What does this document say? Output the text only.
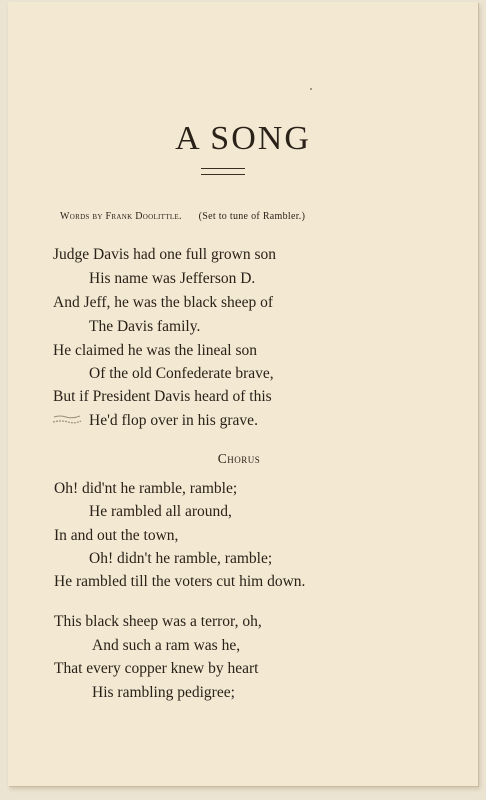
A SONG
Words by Frank Doolittle. (Set to tune of Rambler.)
Judge Davis had one full grown son
His name was Jefferson D.
And Jeff, he was the black sheep of
The Davis family.
He claimed he was the lineal son
Of the old Confederate brave,
But if President Davis heard of this
He'd flop over in his grave.
Chorus
Oh! did'nt he ramble, ramble;
He rambled all around,
In and out the town,
Oh! didn't he ramble, ramble;
He rambled till the voters cut him down.
This black sheep was a terror, oh,
And such a ram was he,
That every copper knew by heart
His rambling pedigree;
